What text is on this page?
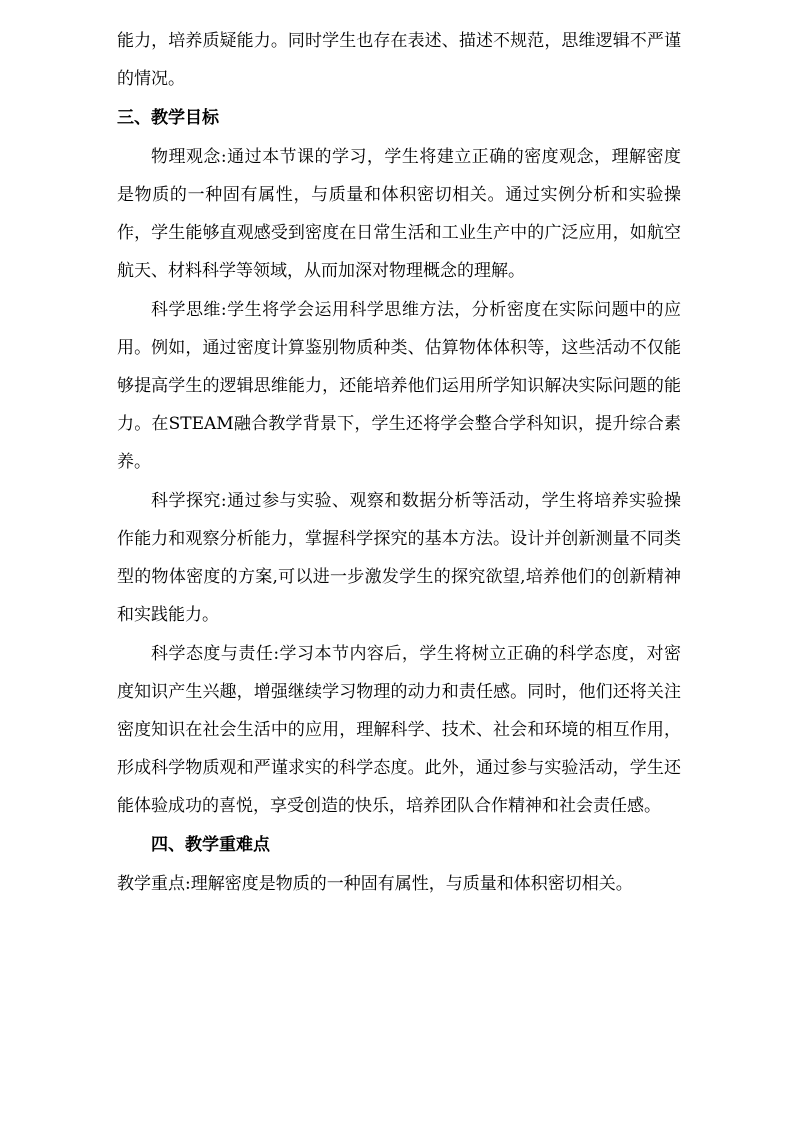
能力，培养质疑能力。同时学生也存在表述、描述不规范，思维逻辑不严谨的情况。

三、教学目标

物理观念:通过本节课的学习，学生将建立正确的密度观念，理解密度是物质的一种固有属性，与质量和体积密切相关。通过实例分析和实验操作，学生能够直观感受到密度在日常生活和工业生产中的广泛应用，如航空航天、材料科学等领域，从而加深对物理概念的理解。

科学思维:学生将学会运用科学思维方法，分析密度在实际问题中的应用。例如，通过密度计算鉴别物质种类、估算物体体积等，这些活动不仅能够提高学生的逻辑思维能力，还能培养他们运用所学知识解决实际问题的能力。在STEAM融合教学背景下，学生还将学会整合学科知识，提升综合素养。

科学探究:通过参与实验、观察和数据分析等活动，学生将培养实验操作能力和观察分析能力，掌握科学探究的基本方法。设计并创新测量不同类型的物体密度的方案,可以进一步激发学生的探究欲望,培养他们的创新精神和实践能力。

科学态度与责任:学习本节内容后，学生将树立正确的科学态度，对密度知识产生兴趣，增强继续学习物理的动力和责任感。同时，他们还将关注密度知识在社会生活中的应用，理解科学、技术、社会和环境的相互作用，形成科学物质观和严谨求实的科学态度。此外，通过参与实验活动，学生还能体验成功的喜悦，享受创造的快乐，培养团队合作精神和社会责任感。

四、教学重难点

教学重点:理解密度是物质的一种固有属性，与质量和体积密切相关。
